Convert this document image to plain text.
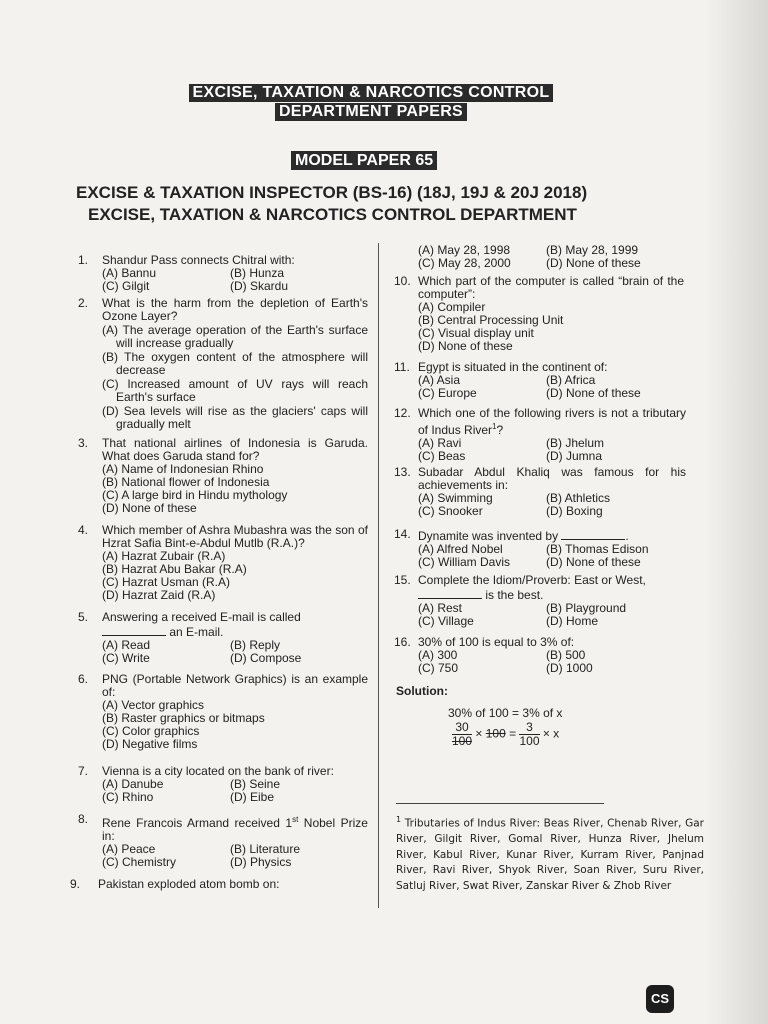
EXCISE, TAXATION & NARCOTICS CONTROL
DEPARTMENT PAPERS
MODEL PAPER 65
EXCISE & TAXATION INSPECTOR (BS-16) (18J, 19J & 20J 2018)
EXCISE, TAXATION & NARCOTICS CONTROL DEPARTMENT
1. Shandur Pass connects Chitral with:
(A) Bannu	(B) Hunza
(C) Gilgit	(D) Skardu
2. What is the harm from the depletion of Earth's Ozone Layer?
(A) The average operation of the Earth's surface will increase gradually
(B) The oxygen content of the atmosphere will decrease
(C) Increased amount of UV rays will reach Earth's surface
(D) Sea levels will rise as the glaciers' caps will gradually melt
3. That national airlines of Indonesia is Garuda. What does Garuda stand for?
(A) Name of Indonesian Rhino
(B) National flower of Indonesia
(C) A large bird in Hindu mythology
(D) None of these
4. Which member of Ashra Mubashra was the son of Hzrat Safia Bint-e-Abdul Mutlb (R.A.)?
(A) Hazrat Zubair (R.A)
(B) Hazrat Abu Bakar (R.A)
(C) Hazrat Usman (R.A)
(D) Hazrat Zaid (R.A)
5. Answering a received E-mail is called
an E-mail.
(A) Read	(B) Reply
(C) Write	(D) Compose
6. PNG (Portable Network Graphics) is an example of:
(A) Vector graphics
(B) Raster graphics or bitmaps
(C) Color graphics
(D) Negative films
7. Vienna is a city located on the bank of river:
(A) Danube	(B) Seine
(C) Rhino	(D) Eibe
8. Rene Francois Armand received 1st Nobel Prize in:
(A) Peace	(B) Literature
(C) Chemistry	(D) Physics
9. Pakistan exploded atom bomb on:
(A) May 28, 1998	(B) May 28, 1999
(C) May 28, 2000	(D) None of these
10. Which part of the computer is called “brain of the computer”:
(A) Compiler
(B) Central Processing Unit
(C) Visual display unit
(D) None of these
11. Egypt is situated in the continent of:
(A) Asia	(B) Africa
(C) Europe	(D) None of these
12. Which one of the following rivers is not a tributary of Indus River$^1$?
(A) Ravi	(B) Jhelum
(C) Beas	(D) Jumna
13. Subadar Abdul Khaliq was famous for his achievements in:
(A) Swimming	(B) Athletics
(C) Snooker	(D) Boxing
14. Dynamite was invented by	.
(A) Alfred Nobel	(B) Thomas Edison
(C) William Davis	(D) None of these
15. Complete the Idiom/Proverb: East or West,
is the best.
(A) Rest	(B) Playground
(C) Village	(D) Home
16. 30% of 100 is equal to 3% of:
(A) 300	(B) 500
(C) 750	(D) 1000
Solution:
30% of 100 = 3% of x
$\frac{30}{100} \times 100 = \frac{3}{100} \times x$
$^1$ Tributaries of Indus River: Beas River, Chenab River, Gar River, Gilgit River, Gomal River, Hunza River, Jhelum River, Kabul River, Kunar River, Kurram River, Panjnad River, Ravi River, Shyok River, Soan River, Suru River, Satluj River, Swat River, Zanskar River & Zhob River
CS
